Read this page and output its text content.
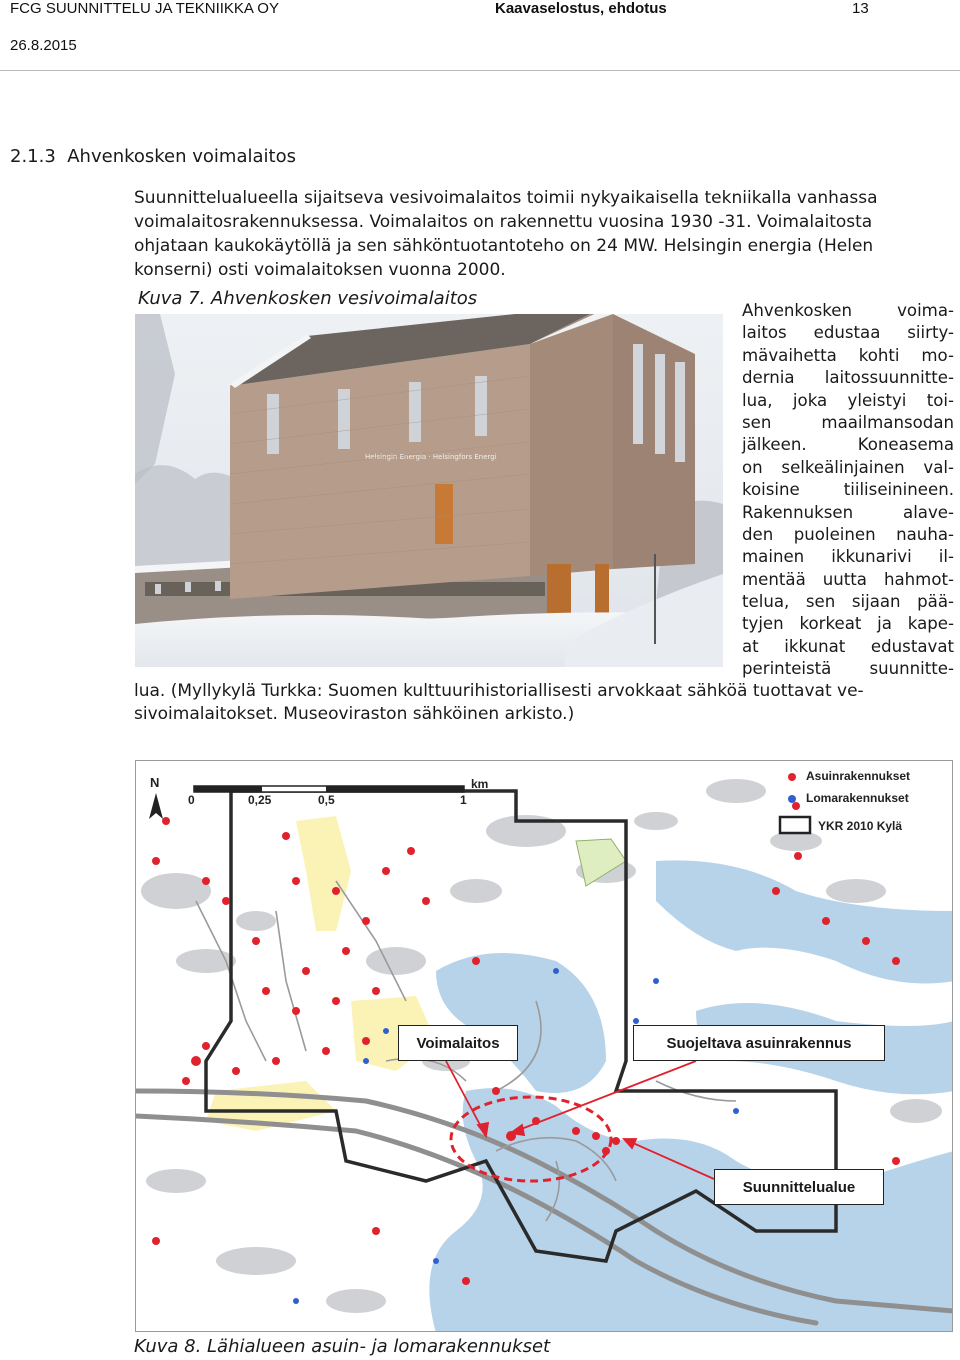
FCG SUUNNITTELU JA TEKNIIKKA OY	Kaavaselostus, ehdotus	13
26.8.2015
2.1.3  Ahvenkosken voimalaitos
Suunnittelualueella sijaitseva vesivoimalaitos toimii nykyaikaisella tekniikalla vanhassa
voimalaitosrakennuksessa. Voimalaitos on rakennettu vuosina 1930 -31. Voimalaitosta
ohjataan kaukokäytöllä ja sen sähköntuotantoteho on 24 MW. Helsingin energia (Helen
konserni) osti voimalaitoksen vuonna 2000.
Kuva 7. Ahvenkosken vesivoimalaitos
Helsingin Energia · Helsingfors Energi
Ahvenkosken voima-
laitos edustaa siirty-
mävaihetta kohti mo-
dernia laitossuunnitte-
lua, joka yleistyi toi-
sen maailmansodan
jälkeen. Koneasema
on selkeälinjainen val-
koisine tiiliseinineen.
Rakennuksen alave-
den puoleinen nauha-
mainen ikkunarivi il-
mentää uutta hahmot-
telua, sen sijaan pää-
tyjen korkeat ja kape-
at ikkunat edustavat
perinteistä suunnitte-
lua. (Myllykylä Turkka: Suomen kulttuurihistoriallisesti arvokkaat sähköä tuottavat ve-
sivoimalaitokset. Museoviraston sähköinen arkisto.)
N	km
0	0,25	0,5	1
Asuinrakennukset
Lomarakennukset
YKR 2010 Kylä
Voimalaitos	Suojeltava asuinrakennus
Suunnittelualue
Kuva 8. Lähialueen asuin- ja lomarakennukset
